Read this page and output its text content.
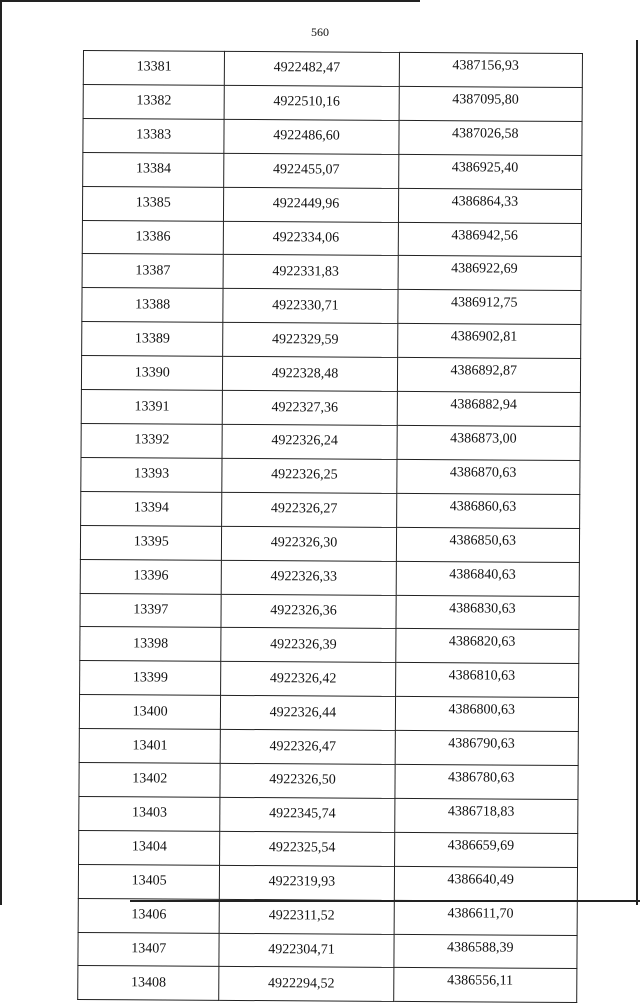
560
13381	4922482,47	4387156,93
13382	4922510,16	4387095,80
13383	4922486,60	4387026,58
13384	4922455,07	4386925,40
13385	4922449,96	4386864,33
13386	4922334,06	4386942,56
13387	4922331,83	4386922,69
13388	4922330,71	4386912,75
13389	4922329,59	4386902,81
13390	4922328,48	4386892,87
13391	4922327,36	4386882,94
13392	4922326,24	4386873,00
13393	4922326,25	4386870,63
13394	4922326,27	4386860,63
13395	4922326,30	4386850,63
13396	4922326,33	4386840,63
13397	4922326,36	4386830,63
13398	4922326,39	4386820,63
13399	4922326,42	4386810,63
13400	4922326,44	4386800,63
13401	4922326,47	4386790,63
13402	4922326,50	4386780,63
13403	4922345,74	4386718,83
13404	4922325,54	4386659,69
13405	4922319,93	4386640,49
13406	4922311,52	4386611,70
13407	4922304,71	4386588,39
13408	4922294,52	4386556,11
